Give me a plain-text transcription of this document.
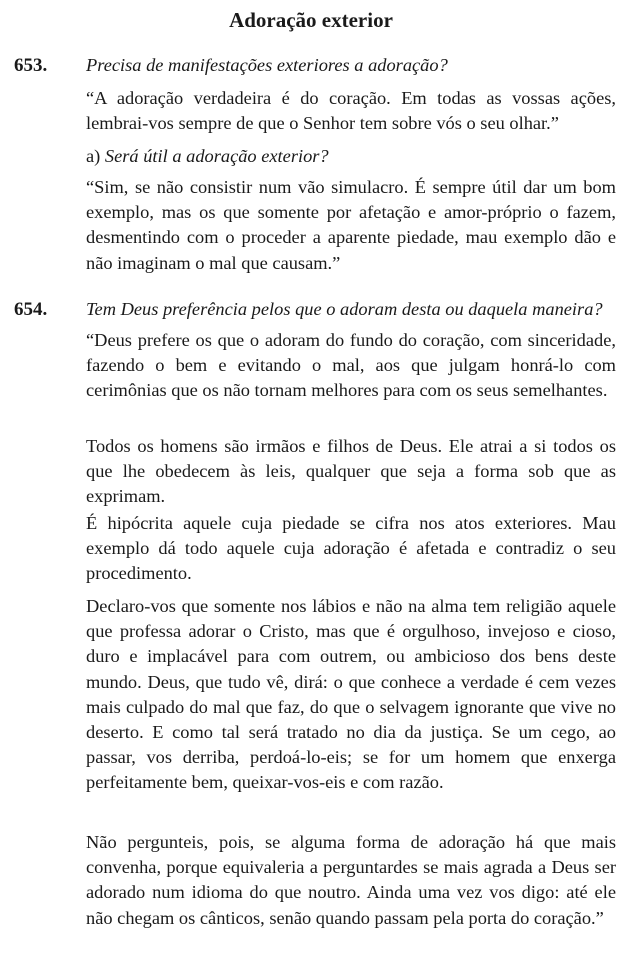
Adoração exterior
653. Precisa de manifestações exteriores a adoração?

“A adoração verdadeira é do coração. Em todas as vossas ações, lembrai-vos sempre de que o Senhor tem sobre vós o seu olhar.”

a) Será útil a adoração exterior?

“Sim, se não consistir num vão simulacro. É sempre útil dar um bom exemplo, mas os que somente por afetação e amor-próprio o fazem, desmentindo com o proceder a aparente piedade, mau exemplo dão e não imaginam o mal que causam.”

654. Tem Deus preferência pelos que o adoram desta ou daquela maneira?

“Deus prefere os que o adoram do fundo do coração, com sinceridade, fazendo o bem e evitando o mal, aos que julgam honrá-lo com cerimônias que os não tornam melhores para com os seus semelhantes.

Todos os homens são irmãos e filhos de Deus. Ele atrai a si todos os que lhe obedecem às leis, qualquer que seja a forma sob que as exprimam.

É hipócrita aquele cuja piedade se cifra nos atos exteriores. Mau exemplo dá todo aquele cuja adoração é afetada e contradiz o seu procedimento.

Declaro-vos que somente nos lábios e não na alma tem religião aquele que professa adorar o Cristo, mas que é orgulhoso, invejoso e cioso, duro e implacável para com outrem, ou ambicioso dos bens deste mundo. Deus, que tudo vê, dirá: o que conhece a verdade é cem vezes mais culpado do mal que faz, do que o selvagem ignorante que vive no deserto. E como tal será tratado no dia da justiça. Se um cego, ao passar, vos derriba, perdoá-lo-eis; se for um homem que enxerga perfeitamente bem, queixar-vos-eis e com razão.

Não pergunteis, pois, se alguma forma de adoração há que mais convenha, porque equivaleria a perguntardes se mais agrada a Deus ser adorado num idioma do que noutro. Ainda uma vez vos digo: até ele não chegam os cânticos, senão quando passam pela porta do coração.”
